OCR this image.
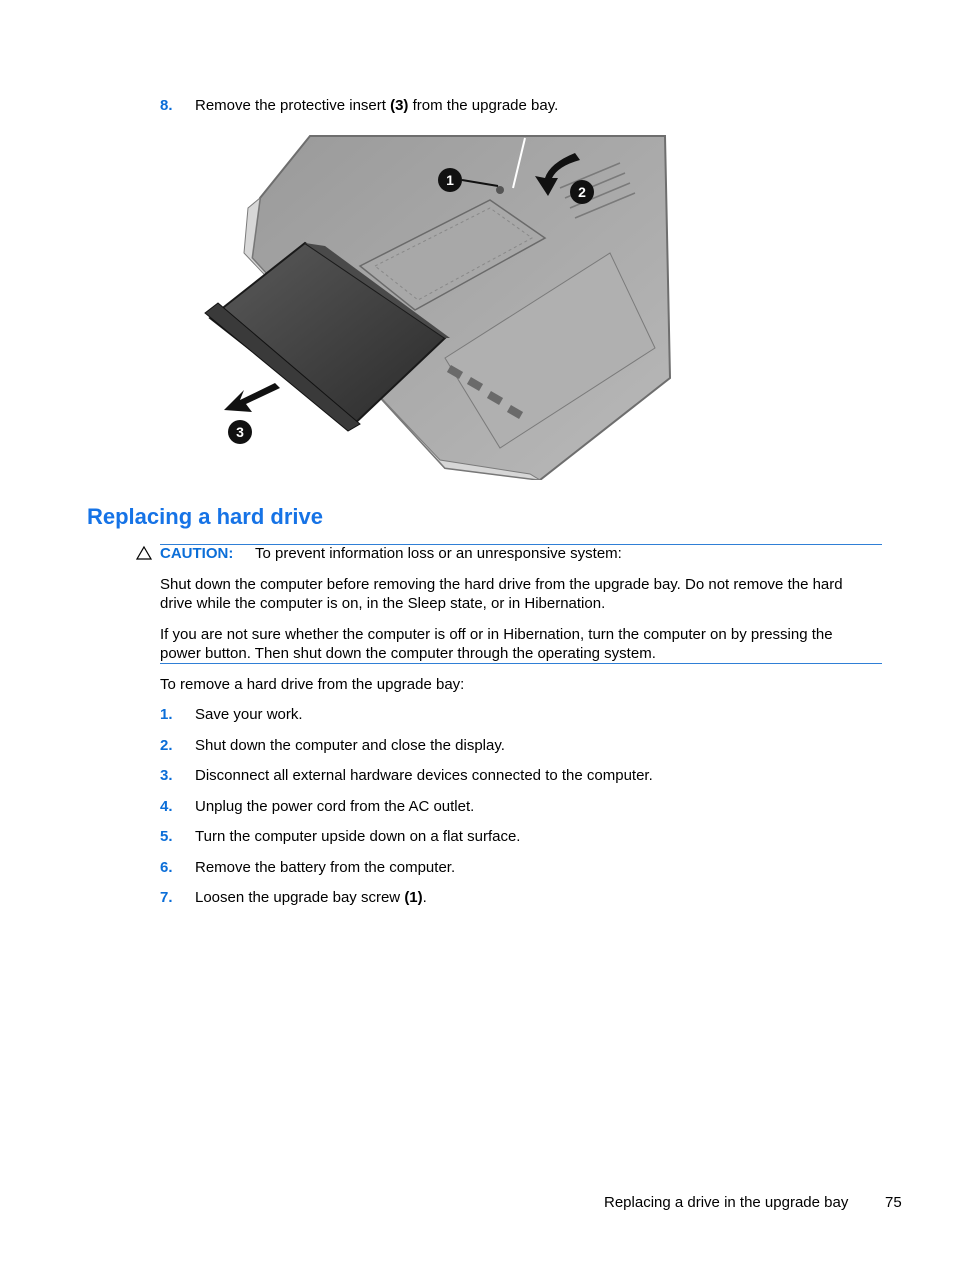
8. Remove the protective insert (3) from the upgrade bay.
1
2
3
Replacing a hard drive
CAUTION: To prevent information loss or an unresponsive system:
Shut down the computer before removing the hard drive from the upgrade bay. Do not remove the hard
drive while the computer is on, in the Sleep state, or in Hibernation.
If you are not sure whether the computer is off or in Hibernation, turn the computer on by pressing the
power button. Then shut down the computer through the operating system.
To remove a hard drive from the upgrade bay:
1. Save your work.
2. Shut down the computer and close the display.
3. Disconnect all external hardware devices connected to the computer.
4. Unplug the power cord from the AC outlet.
5. Turn the computer upside down on a flat surface.
6. Remove the battery from the computer.
7. Loosen the upgrade bay screw (1).
Replacing a drive in the upgrade bay 75
